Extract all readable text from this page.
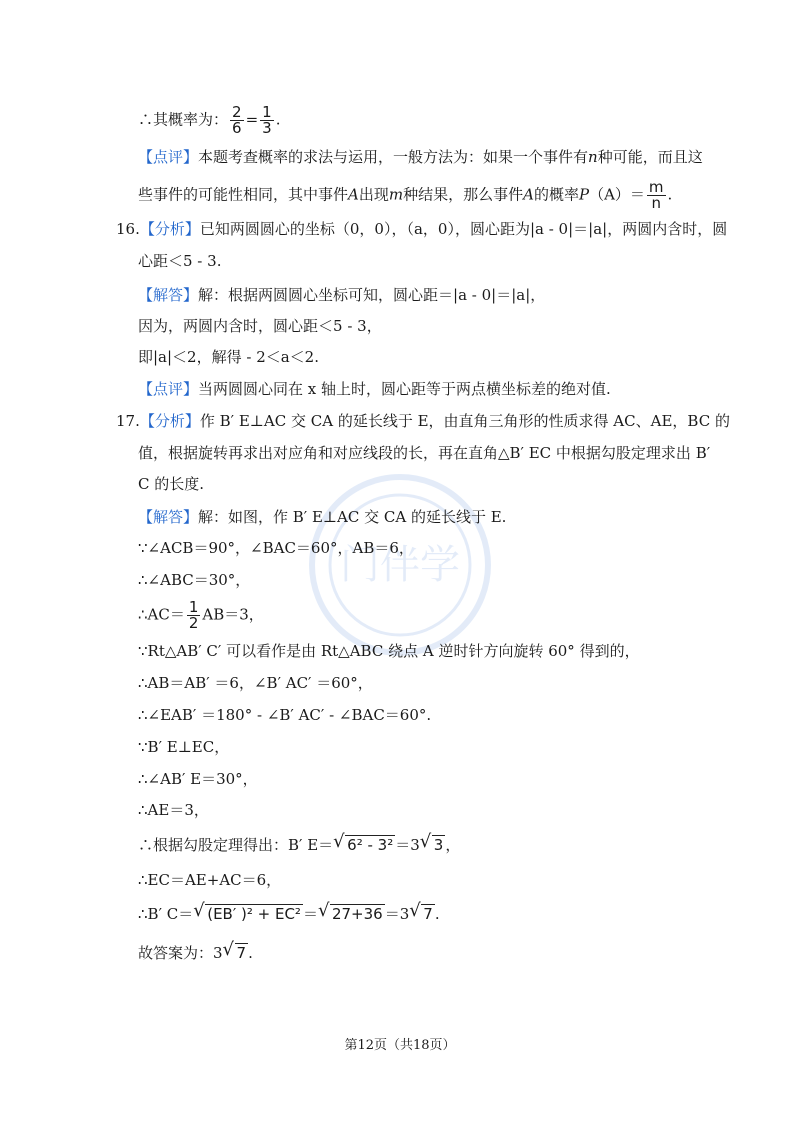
门伴学
∴其概率为： $\frac{2}{6} = \frac{1}{3}$ .
【点评】本题考查概率的求法与运用，一般方法为：如果一个事件有n种可能，而且这
些事件的可能性相同，其中事件A出现m种结果，那么事件A的概率$P(A)= \frac{m}{n}$ .
16.【分析】已知两圆圆心的坐标（0，0），（a，0），圆心距为|a - 0|＝|a|，两圆内含时，圆
心距＜5 - 3.
【解答】解：根据两圆圆心坐标可知，圆心距＝|a - 0|＝|a|，
因为，两圆内含时，圆心距＜5 - 3，
即|a|＜2，解得 - 2＜a＜2.
【点评】当两圆圆心同在 x 轴上时，圆心距等于两点横坐标差的绝对值.
17.【分析】作 B′ E⊥AC 交 CA 的延长线于 E，由直角三角形的性质求得 AC、AE，BC 的
值，根据旋转再求出对应角和对应线段的长，再在直角△B′ EC 中根据勾股定理求出 B′
C 的长度.
【解答】解：如图，作 B′ E⊥AC 交 CA 的延长线于 E.
∵∠ACB＝90°，∠BAC＝60°，AB＝6，
∴∠ABC＝30°，
∴AC＝ $\frac{1}{2} AB=3$，
∵Rt△AB′ C′ 可以看作是由 Rt△ABC 绕点 A 逆时针方向旋转 60° 得到的，
∴AB＝AB′ ＝6，∠B′ AC′ ＝60°，
∴∠EAB′ ＝180° - ∠B′ AC′ - ∠BAC＝60°.
∵B′ E⊥EC，
∴∠AB′ E＝30°，
∴AE＝3，
∴根据勾股定理得出：B′ E＝ √ 6² - 3² ＝3 √ 3 ，
∴EC＝AE+AC＝6，
∴B′ C＝ √ (EB′ )² + EC² ＝ √ 27+36 ＝3 √ 7 .
故答案为：3 √ 7 .
第12页（共18页）
